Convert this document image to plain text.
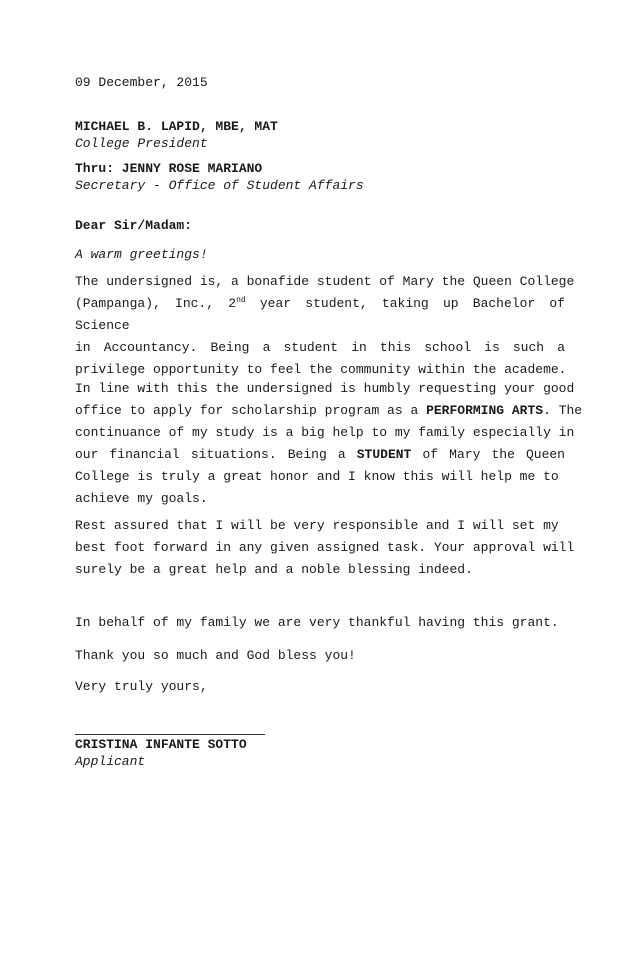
09 December, 2015

MICHAEL B. LAPID, MBE, MAT
College President
Thru: JENNY ROSE MARIANO
Secretary - Office of Student Affairs

Dear Sir/Madam:

A warm greetings!

The undersigned is, a bonafide student of Mary the Queen College
(Pampanga), Inc., 2nd year student, taking up Bachelor of Science
in Accountancy. Being a student in this school is such a
privilege opportunity to feel the community within the academe.
In line with this the undersigned is humbly requesting your good
office to apply for scholarship program as a PERFORMING ARTS. The
continuance of my study is a big help to my family especially in
our financial situations. Being a STUDENT of Mary the Queen
College is truly a great honor and I know this will help me to
achieve my goals.
Rest assured that I will be very responsible and I will set my
best foot forward in any given assigned task. Your approval will
surely be a great help and a noble blessing indeed.

In behalf of my family we are very thankful having this grant.

Thank you so much and God bless you!

Very truly yours,

CRISTINA INFANTE SOTTO
Applicant
